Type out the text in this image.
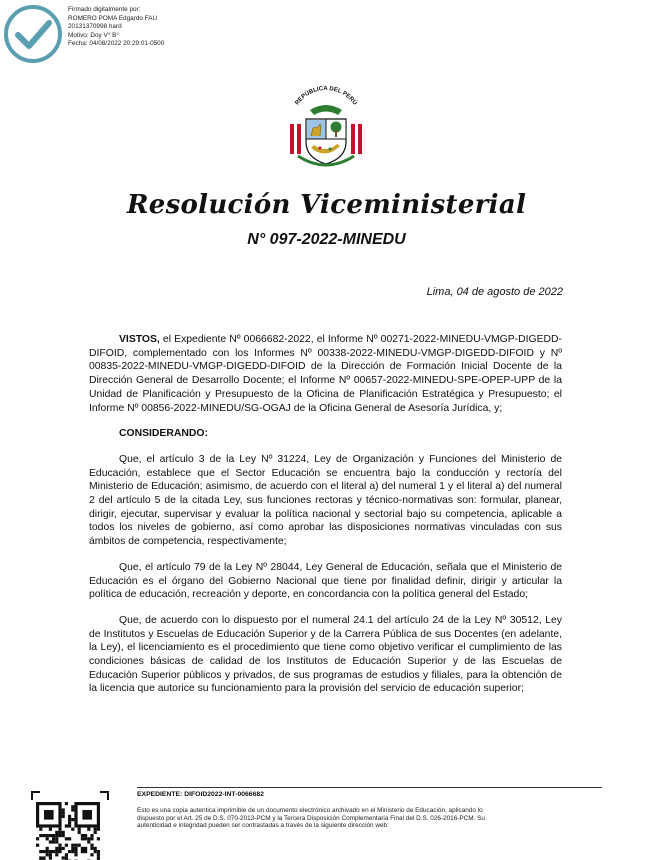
Firmado digitalmente por:
ROMERO POMA Edgardo FAU
20131370998 hard
Motivo: Doy V° B°
Fecha: 04/08/2022 20:29:01-0500
REPÚBLICA DEL PERÚ
Resolución Viceministerial
N° 097-2022-MINEDU
Lima, 04 de agosto de 2022

VISTOS, el Expediente Nº 0066682-2022, el Informe Nº 00271-2022-MINEDU-VMGP-DIGEDD-DIFOID, complementado con los Informes Nº 00338-2022-MINEDU-VMGP-DIGEDD-DIFOID y Nº 00835-2022-MINEDU-VMGP-DIGEDD-DIFOID de la Dirección de Formación Inicial Docente de la Dirección General de Desarrollo Docente; el Informe Nº 00657-2022-MINEDU-SPE-OPEP-UPP de la Unidad de Planificación y Presupuesto de la Oficina de Planificación Estratégica y Presupuesto; el Informe Nº 00856-2022-MINEDU/SG-OGAJ de la Oficina General de Asesoría Jurídica, y;

CONSIDERANDO:

Que, el artículo 3 de la Ley Nº 31224, Ley de Organización y Funciones del Ministerio de Educación, establece que el Sector Educación se encuentra bajo la conducción y rectoría del Ministerio de Educación; asimismo, de acuerdo con el literal a) del numeral 1 y el literal a) del numeral 2 del artículo 5 de la citada Ley, sus funciones rectoras y técnico-normativas son: formular, planear, dirigir, ejecutar, supervisar y evaluar la política nacional y sectorial bajo su competencia, aplicable a todos los niveles de gobierno, así como aprobar las disposiciones normativas vinculadas con sus ámbitos de competencia, respectivamente;

Que, el artículo 79 de la Ley Nº 28044, Ley General de Educación, señala que el Ministerio de Educación es el órgano del Gobierno Nacional que tiene por finalidad definir, dirigir y articular la política de educación, recreación y deporte, en concordancia con la política general del Estado;

Que, de acuerdo con lo dispuesto por el numeral 24.1 del artículo 24 de la Ley Nº 30512, Ley de Institutos y Escuelas de Educación Superior y de la Carrera Pública de sus Docentes (en adelante, la Ley), el licenciamiento es el procedimiento que tiene como objetivo verificar el cumplimiento de las condiciones básicas de calidad de los Institutos de Educación Superior y de las Escuelas de Educación Superior públicos y privados, de sus programas de estudios y filiales, para la obtención de la licencia que autorice su funcionamiento para la provisión del servicio de educación superior;

EXPEDIENTE: DIFOID2022-INT-0066682
Esto es una copia autentica imprimible de un documento electrónico archivado en el Ministerio de Educación, aplicando lo dispuesto por el Art. 25 de D.S. 070-2013-PCM y la Tercera Disposición Complementaria Final del D.S. 026-2016-PCM. Su autenticidad e integridad pueden ser contrastadas a través de la siguiente dirección web:
